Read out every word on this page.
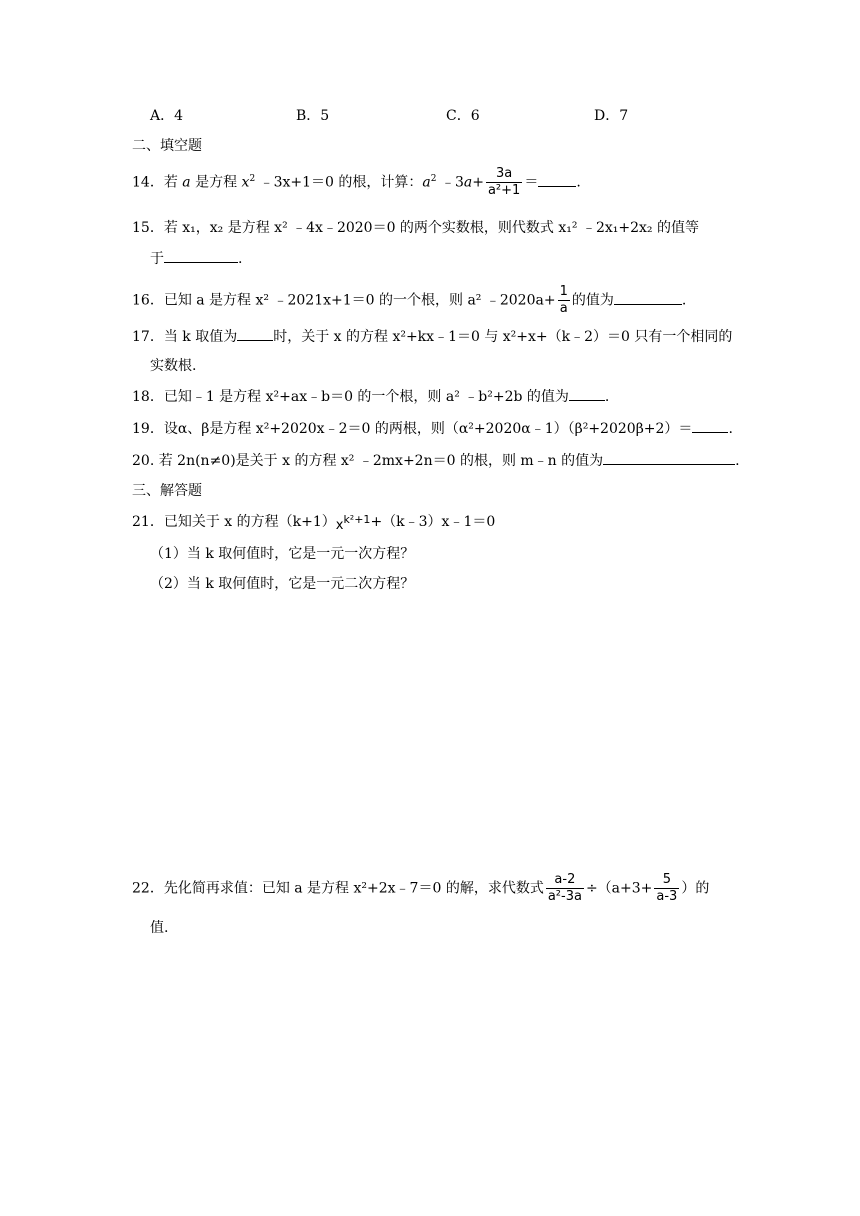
A．4	B．5	C．6	D．7
二、填空题
14．若 a 是方程 $x^2$ ﹣3x+1＝0 的根，计算：$a^2$ ﹣3a+ $\frac{3a}{\text{a²+1}}$ ＝	.
15．若 x₁，x₂ 是方程 x² ﹣4x﹣2020＝0 的两个实数根，则代数式 x₁² ﹣2x₁+2x₂ 的值等
于	.
16．已知 a 是方程 x² ﹣2021x+1＝0 的一个根，则 a² ﹣2020a+ $\frac{1}{a}$ 的值为	.
17．当 k 取值为	时，关于 x 的方程 x²+kx﹣1＝0 与 x²+x+（k﹣2）＝0 只有一个相同的
实数根.
18．已知﹣1 是方程 x²+ax﹣b＝0 的一个根，则 a² ﹣b²+2b 的值为	.
19．设α、β是方程 x²+2020x﹣2＝0 的两根，则（α²+2020α﹣1）（β²+2020β+2）＝	.
20. 若 2n(n≠0)是关于 x 的方程 x² ﹣2mx+2n＝0 的根，则 m﹣n 的值为	.
三、解答题
21．已知关于 x 的方程$(k+1)x^{k^2+1}+(k﹣3)x﹣1=0$
（1）当 k 取何值时，它是一元一次方程？
（2）当 k 取何值时，它是一元二次方程？
22．先化简再求值：已知 a 是方程 x²+2x﹣7＝0 的解，求代数式 $\frac{a-2}{\text{a²-3a}} \div(a+3+ \frac{5}{a-3}$ ）的
值.
